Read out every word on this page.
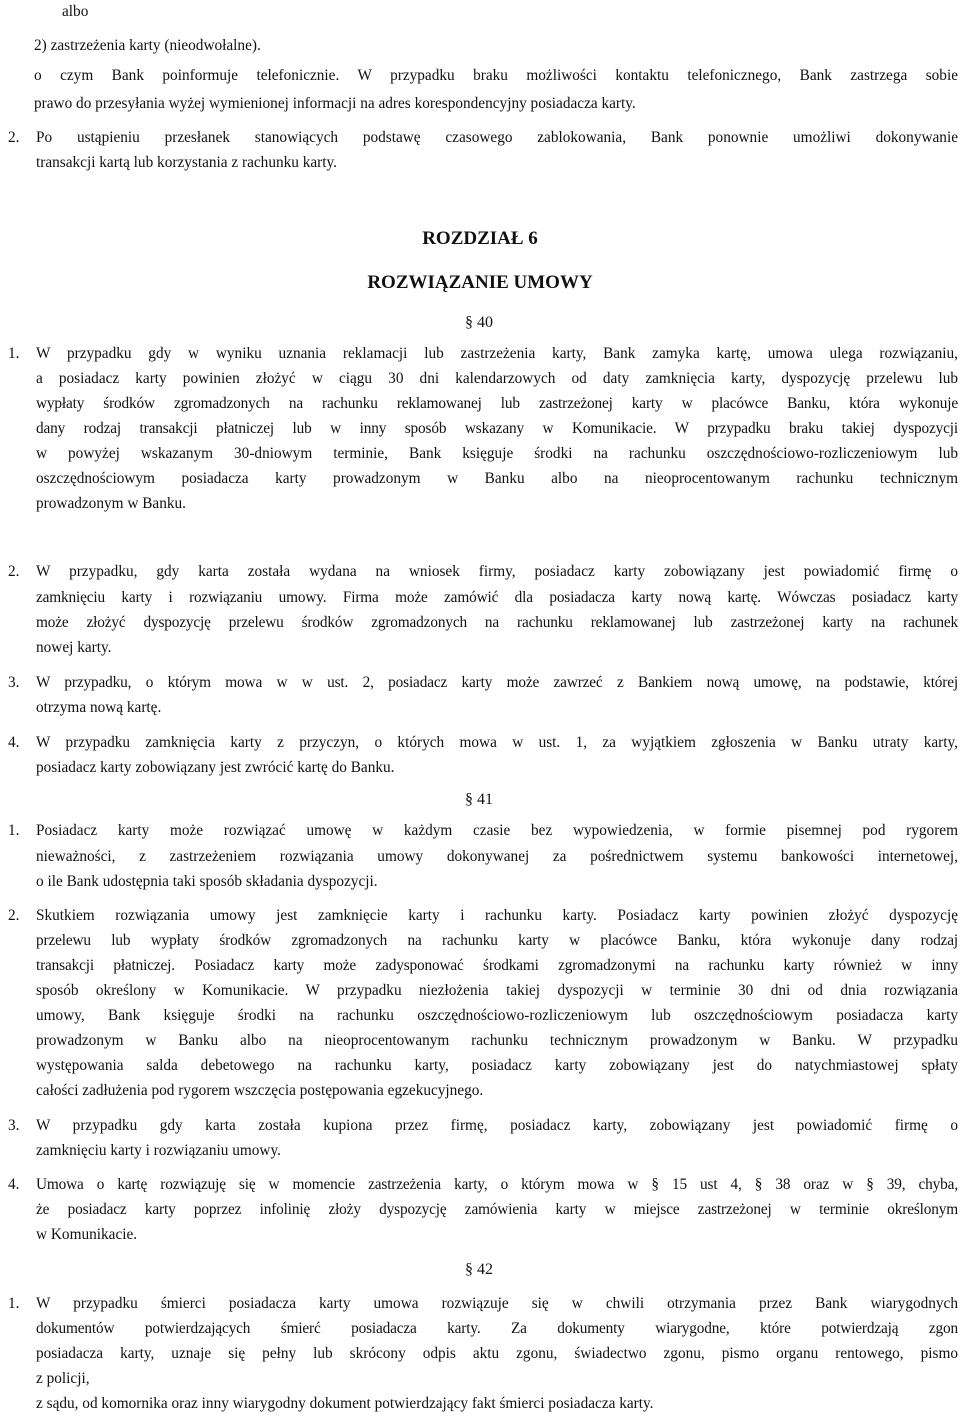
albo
2) zastrzeżenia karty (nieodwołalne).
o czym Bank poinformuje telefonicznie. W przypadku braku możliwości kontaktu telefonicznego, Bank zastrzega sobie
prawo do przesyłania wyżej wymienionej informacji na adres korespondencyjny posiadacza karty.
2. Po ustąpieniu przesłanek stanowiących podstawę czasowego zablokowania, Bank ponownie umożliwi dokonywanie
transakcji kartą lub korzystania z rachunku karty.
ROZDZIAŁ 6
ROZWIĄZANIE UMOWY
§ 40
1. W przypadku gdy w wyniku uznania reklamacji lub zastrzeżenia karty, Bank zamyka kartę, umowa ulega rozwiązaniu,
a posiadacz karty powinien złożyć w ciągu 30 dni kalendarzowych od daty zamknięcia karty, dyspozycję przelewu lub
wypłaty środków zgromadzonych na rachunku reklamowanej lub zastrzeżonej karty w placówce Banku, która wykonuje
dany rodzaj transakcji płatniczej lub w inny sposób wskazany w Komunikacie. W przypadku braku takiej dyspozycji
w powyżej wskazanym 30-dniowym terminie, Bank księguje środki na rachunku oszczędnościowo-rozliczeniowym lub
oszczędnościowym posiadacza karty prowadzonym w Banku albo na nieoprocentowanym rachunku technicznym
prowadzonym w Banku.
2. W przypadku, gdy karta została wydana na wniosek firmy, posiadacz karty zobowiązany jest powiadomić firmę o
zamknięciu karty i rozwiązaniu umowy. Firma może zamówić dla posiadacza karty nową kartę. Wówczas posiadacz karty
może złożyć dyspozycję przelewu środków zgromadzonych na rachunku reklamowanej lub zastrzeżonej karty na rachunek
nowej karty.
3. W przypadku, o którym mowa w w ust. 2, posiadacz karty może zawrzeć z Bankiem nową umowę, na podstawie, której
otrzyma nową kartę.
4. W przypadku zamknięcia karty z przyczyn, o których mowa w ust. 1, za wyjątkiem zgłoszenia w Banku utraty karty,
posiadacz karty zobowiązany jest zwrócić kartę do Banku.
§ 41
1. Posiadacz karty może rozwiązać umowę w każdym czasie bez wypowiedzenia, w formie pisemnej pod rygorem
nieważności, z zastrzeżeniem rozwiązania umowy dokonywanej za pośrednictwem systemu bankowości internetowej,
o ile Bank udostępnia taki sposób składania dyspozycji.
2. Skutkiem rozwiązania umowy jest zamknięcie karty i rachunku karty. Posiadacz karty powinien złożyć dyspozycję
przelewu lub wypłaty środków zgromadzonych na rachunku karty w placówce Banku, która wykonuje dany rodzaj
transakcji płatniczej. Posiadacz karty może zadysponować środkami zgromadzonymi na rachunku karty również w inny
sposób określony w Komunikacie. W przypadku niezłożenia takiej dyspozycji w terminie 30 dni od dnia rozwiązania
umowy, Bank księguje środki na rachunku oszczędnościowo-rozliczeniowym lub oszczędnościowym posiadacza karty
prowadzonym w Banku albo na nieoprocentowanym rachunku technicznym prowadzonym w Banku. W przypadku
występowania salda debetowego na rachunku karty, posiadacz karty zobowiązany jest do natychmiastowej spłaty
całości zadłużenia pod rygorem wszczęcia postępowania egzekucyjnego.
3. W przypadku gdy karta została kupiona przez firmę, posiadacz karty, zobowiązany jest powiadomić firmę o
zamknięciu karty i rozwiązaniu umowy.
4. Umowa o kartę rozwiązuję się w momencie zastrzeżenia karty, o którym mowa w § 15 ust 4, § 38 oraz w § 39, chyba,
że posiadacz karty poprzez infolinię złoży dyspozycję zamówienia karty w miejsce zastrzeżonej w terminie określonym
w Komunikacie.
§ 42
1. W przypadku śmierci posiadacza karty umowa rozwiązuje się w chwili otrzymania przez Bank wiarygodnych
dokumentów potwierdzających śmierć posiadacza karty. Za dokumenty wiarygodne, które potwierdzają zgon
posiadacza karty, uznaje się pełny lub skrócony odpis aktu zgonu, świadectwo zgonu, pismo organu rentowego, pismo
z policji,
z sądu, od komornika oraz inny wiarygodny dokument potwierdzający fakt śmierci posiadacza karty.
